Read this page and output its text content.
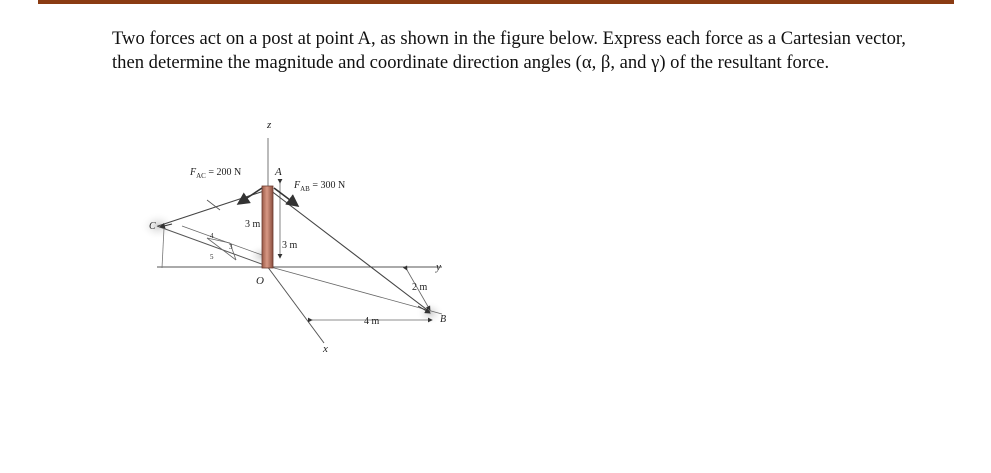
Two forces act on a post at point A, as shown in the figure below. Express each force as a Cartesian vector, then determine the magnitude and coordinate direction angles (α, β, and γ) of the resultant force.
z
y
x
A
B
C
O
$F_{AC} = 200$ N
$F_{AB} = 300$ N
3 m
3 m
2 m
4 m
4
3
5
